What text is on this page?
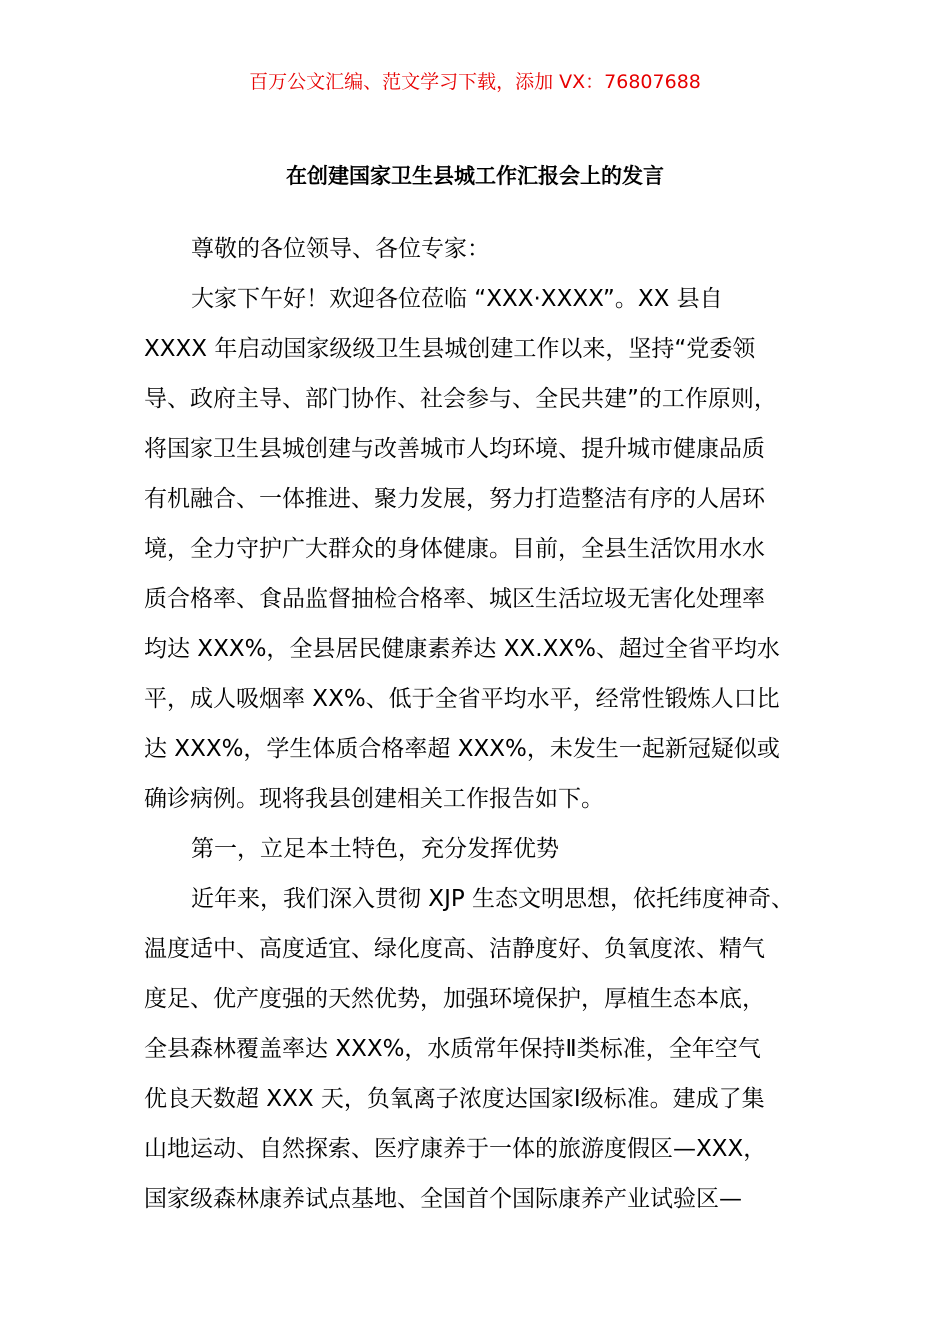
百万公文汇编、范文学习下载，添加 VX：76807688
在创建国家卫生县城工作汇报会上的发言
尊敬的各位领导、各位专家：
大家下午好！欢迎各位莅临 “XXX·XXXX”。XX 县自
XXXX 年启动国家级级卫生县城创建工作以来，坚持“党委领
导、政府主导、部门协作、社会参与、全民共建”的工作原则，
将国家卫生县城创建与改善城市人均环境、提升城市健康品质
有机融合、一体推进、聚力发展，努力打造整洁有序的人居环
境，全力守护广大群众的身体健康。目前，全县生活饮用水水
质合格率、食品监督抽检合格率、城区生活垃圾无害化处理率
均达 XXX%，全县居民健康素养达 XX.XX%、超过全省平均水
平，成人吸烟率 XX%、低于全省平均水平，经常性锻炼人口比
达 XXX%，学生体质合格率超 XXX%，未发生一起新冠疑似或
确诊病例。现将我县创建相关工作报告如下。
第一，立足本土特色，充分发挥优势
近年来，我们深入贯彻 XJP 生态文明思想，依托纬度神奇、
温度适中、高度适宜、绿化度高、洁静度好、负氧度浓、精气
度足、优产度强的天然优势，加强环境保护，厚植生态本底，
全县森林覆盖率达 XXX%，水质常年保持Ⅱ类标准，全年空气
优良天数超 XXX 天，负氧离子浓度达国家Ⅰ级标准。建成了集
山地运动、自然探索、医疗康养于一体的旅游度假区—XXX，
国家级森林康养试点基地、全国首个国际康养产业试验区—
